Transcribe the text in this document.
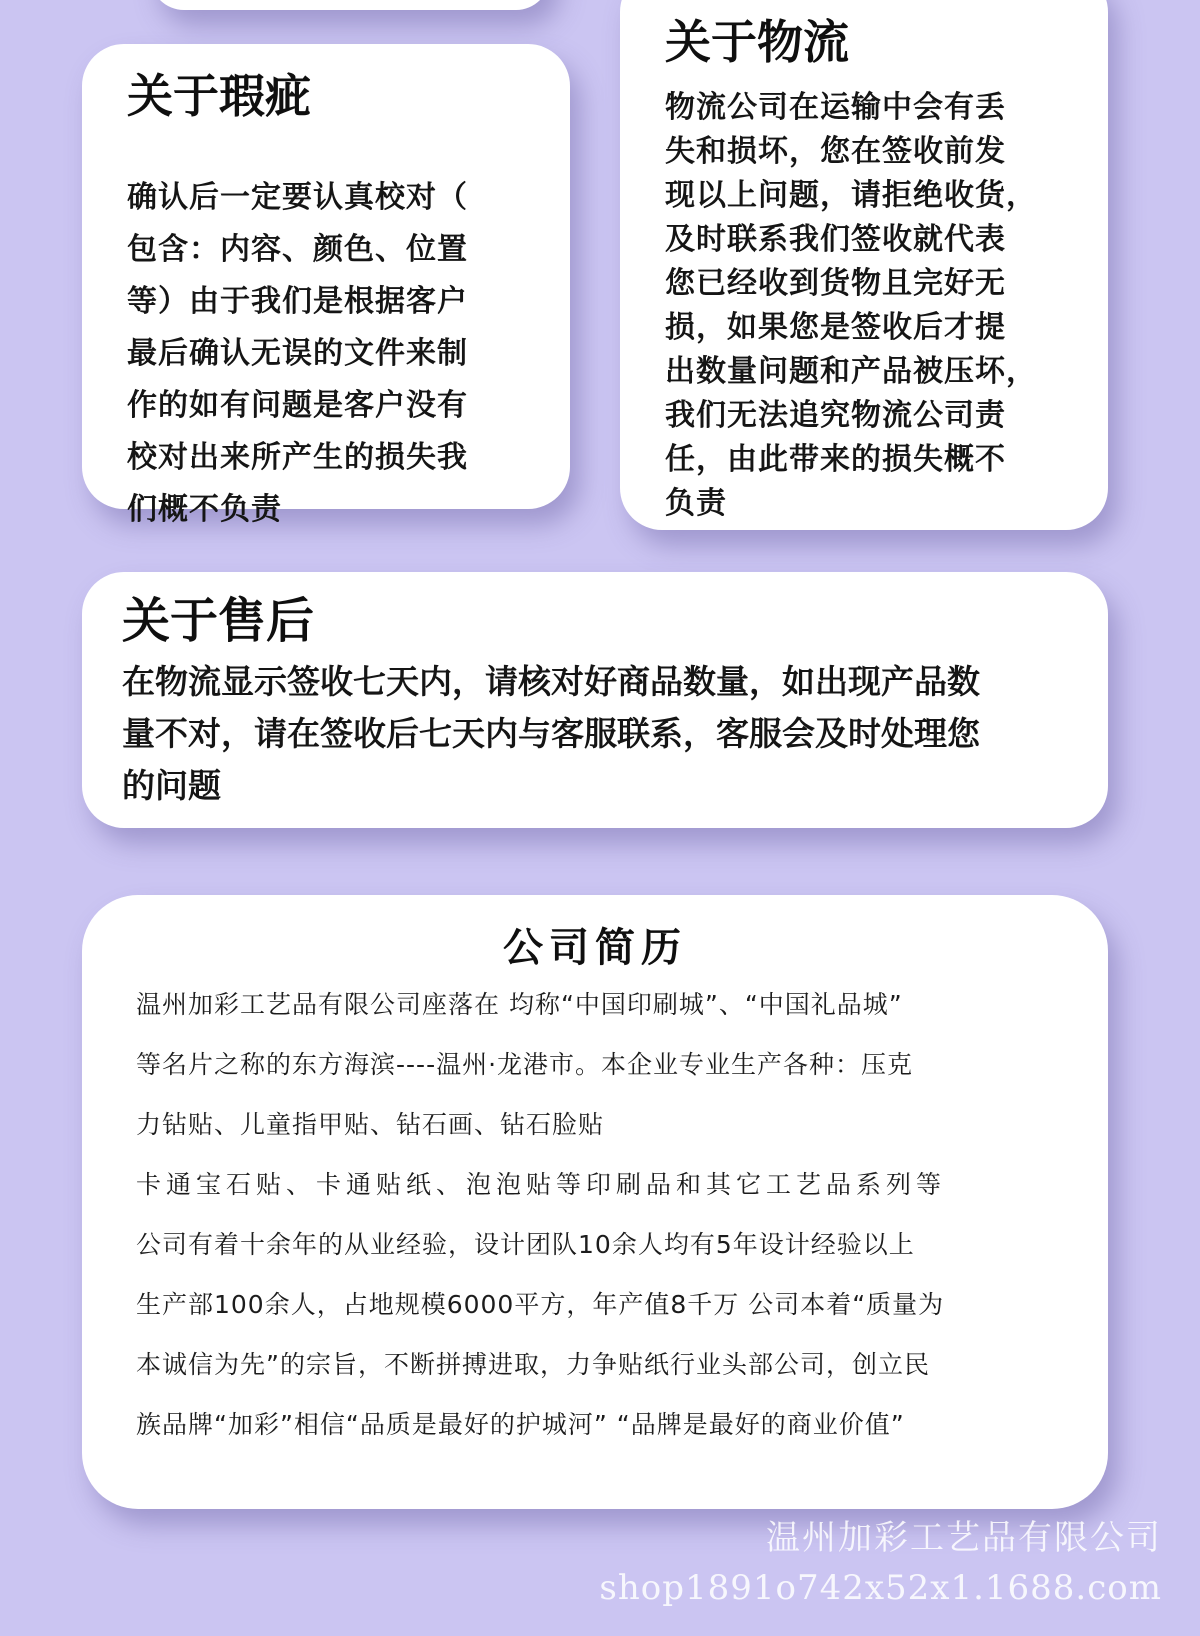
关于瑕疵

确认后一定要认真校对（
包含：内容、颜色、位置
等）由于我们是根据客户
最后确认无误的文件来制
作的如有问题是客户没有
校对出来所产生的损失我
们概不负责

关于物流

物流公司在运输中会有丢
失和损坏，您在签收前发
现以上问题，请拒绝收货，
及时联系我们签收就代表
您已经收到货物且完好无
损，如果您是签收后才提
出数量问题和产品被压坏，
我们无法追究物流公司责
任，由此带来的损失概不
负责

关于售后

在物流显示签收七天内，请核对好商品数量，如出现产品数
量不对，请在签收后七天内与客服联系，客服会及时处理您
的问题

公司简历
温州加彩工艺品有限公司座落在 均称“中国印刷城”、“中国礼品城”
等名片之称的东方海滨----温州·龙港市。本企业专业生产各种：压克
力钻贴、儿童指甲贴、钻石画、钻石脸贴
卡通宝石贴、卡通贴纸、泡泡贴等印刷品和其它工艺品系列等
公司有着十余年的从业经验，设计团队10余人均有5年设计经验以上
生产部100余人，占地规模6000平方，年产值8千万 公司本着“质量为
本诚信为先”的宗旨，不断拼搏进取，力争贴纸行业头部公司，创立民
族品牌“加彩”相信“品质是最好的护城河” “品牌是最好的商业价值”
温州加彩工艺品有限公司
shop1891o742x52x1.1688.com
